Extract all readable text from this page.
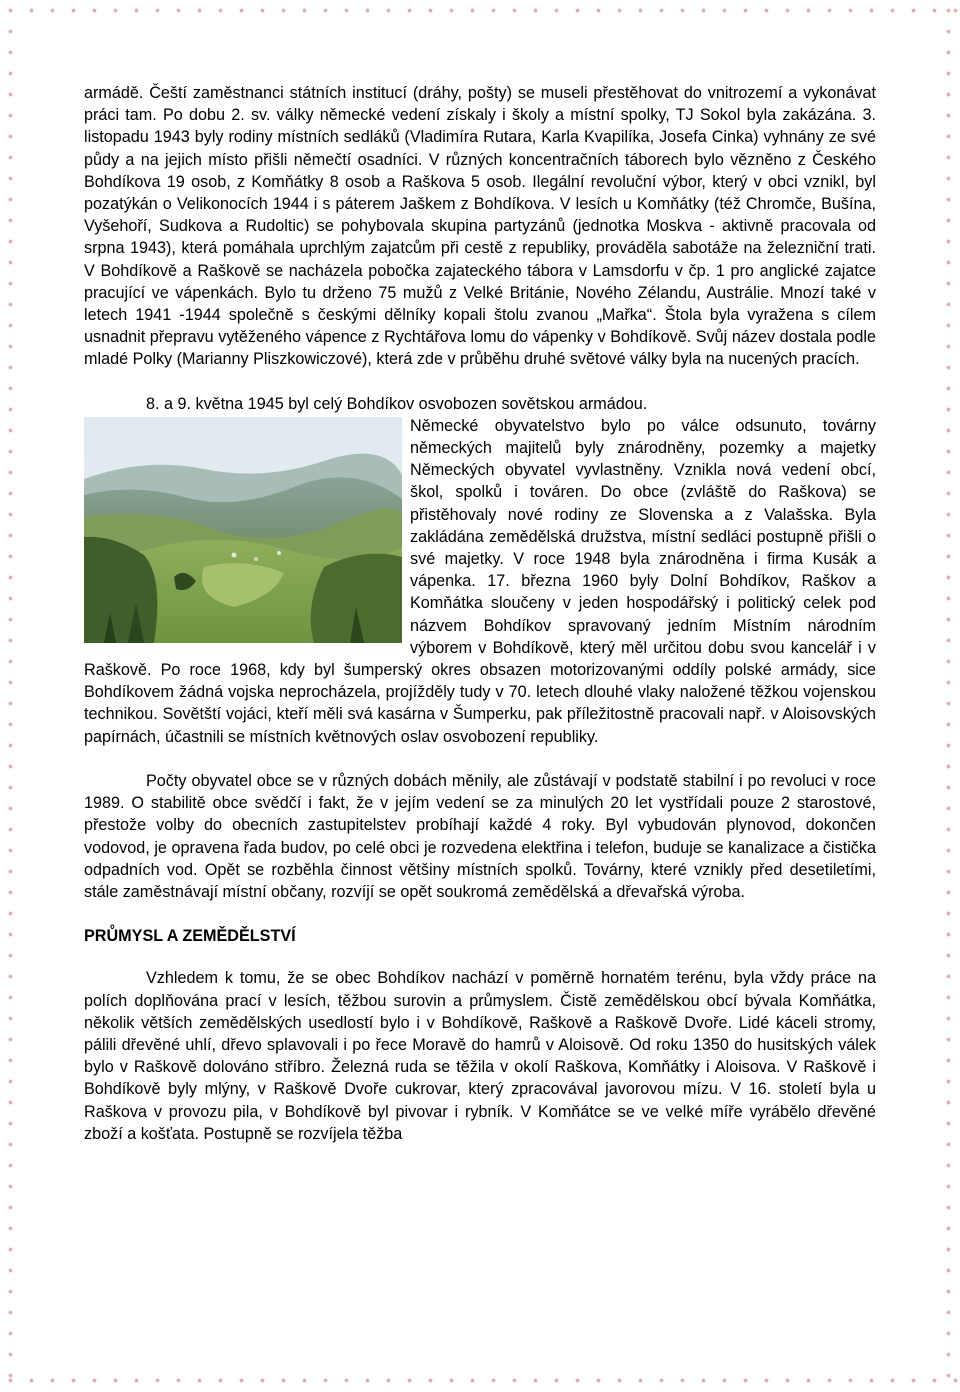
armádě. Čeští zaměstnanci státních institucí (dráhy, pošty) se museli přestěhovat do vnitrozemí a vykonávat práci tam. Po dobu 2. sv. války německé vedení získaly i školy a místní spolky, TJ Sokol byla zakázána. 3. listopadu 1943 byly rodiny místních sedláků (Vladimíra Rutara, Karla Kvapilíka, Josefa Cinka) vyhnány ze své půdy a na jejich místo přišli němečtí osadníci. V různých koncentračních táborech bylo vězněno z Českého Bohdíkova 19 osob, z Komňátky 8 osob a Raškova 5 osob. Ilegální revoluční výbor, který v obci vznikl, byl pozatýkán o Velikonocích 1944 i s páterem Jaškem z Bohdíkova. V lesích u Komňátky (též Chromče, Bušína, Vyšehoří, Sudkova a Rudoltic) se pohybovala skupina partyzánů (jednotka Moskva - aktivně pracovala od srpna 1943), která pomáhala uprchlým zajatcům při cestě z republiky, prováděla sabotáže na železniční trati. V Bohdíkově a Raškově se nacházela pobočka zajateckého tábora v Lamsdorfu v čp. 1 pro anglické zajatce pracující ve vápenkách. Bylo tu drženo 75 mužů z Velké Británie, Nového Zélandu, Austrálie. Mnozí také v letech 1941 -1944 společně s českými dělníky kopali štolu zvanou „Mařka“. Štola byla vyražena s cílem usnadnit přepravu vytěženého vápence z Rychtářova lomu do vápenky v Bohdíkově. Svůj název dostala podle mladé Polky (Marianny Pliszkowiczové), která zde v průběhu druhé světové války byla na nucených pracích.

8. a 9. května 1945 byl celý Bohdíkov osvobozen sovětskou armádou.

Německé obyvatelstvo bylo po válce odsunuto, továrny německých majitelů byly znárodněny, pozemky a majetky Německých obyvatel vyvlastněny. Vznikla nová vedení obcí, škol, spolků i továren. Do obce (zvláště do Raškova) se přistěhovaly nové rodiny ze Slovenska a z Valašska. Byla zakládána zemědělská družstva, místní sedláci postupně přišli o své majetky. V roce 1948 byla znárodněna i firma Kusák a vápenka. 17. března 1960 byly Dolní Bohdíkov, Raškov a Komňátka sloučeny v jeden hospodářský i politický celek pod názvem Bohdíkov spravovaný jedním Místním národním výborem v Bohdíkově, který měl určitou dobu svou kancelář i v Raškově. Po roce 1968, kdy byl šumperský okres obsazen motorizovanými oddíly polské armády, sice Bohdíkovem žádná vojska neprocházela, projížděly tudy v 70. letech dlouhé vlaky naložené těžkou vojenskou technikou. Sovětští vojáci, kteří měli svá kasárna v Šumperku, pak příležitostně pracovali např. v Aloisovských papírnách, účastnili se místních květnových oslav osvobození republiky.

Počty obyvatel obce se v různých dobách měnily, ale zůstávají v podstatě stabilní i po revoluci v roce 1989. O stabilitě obce svědčí i fakt, že v jejím vedení se za minulých 20 let vystřídali pouze 2 starostové, přestože volby do obecních zastupitelstev probíhají každé 4 roky. Byl vybudován plynovod, dokončen vodovod, je opravena řada budov, po celé obci je rozvedena elektřina i telefon, buduje se kanalizace a čistička odpadních vod. Opět se rozběhla činnost většiny místních spolků. Továrny, které vznikly před desetiletími, stále zaměstnávají místní občany, rozvíjí se opět soukromá zemědělská a dřevařská výroba.

PRŮMYSL A ZEMĚDĚLSTVÍ

Vzhledem k tomu, že se obec Bohdíkov nachází v poměrně hornatém terénu, byla vždy práce na polích doplňována prací v lesích, těžbou surovin a průmyslem. Čistě zemědělskou obcí bývala Komňátka, několik větších zemědělských usedlostí bylo i v Bohdíkově, Raškově a Raškově Dvoře. Lidé káceli stromy, pálili dřevěné uhlí, dřevo splavovali i po řece Moravě do hamrů v Aloisově. Od roku 1350 do husitských válek bylo v Raškově dolováno stříbro. Železná ruda se těžila v okolí Raškova, Komňátky i Aloisova. V Raškově i Bohdíkově byly mlýny, v Raškově Dvoře cukrovar, který zpracovával javorovou mízu. V 16. století byla u Raškova v provozu pila, v Bohdíkově byl pivovar i rybník. V Komňátce se ve velké míře vyrábělo dřevěné zboží a košťata. Postupně se rozvíjela těžba
